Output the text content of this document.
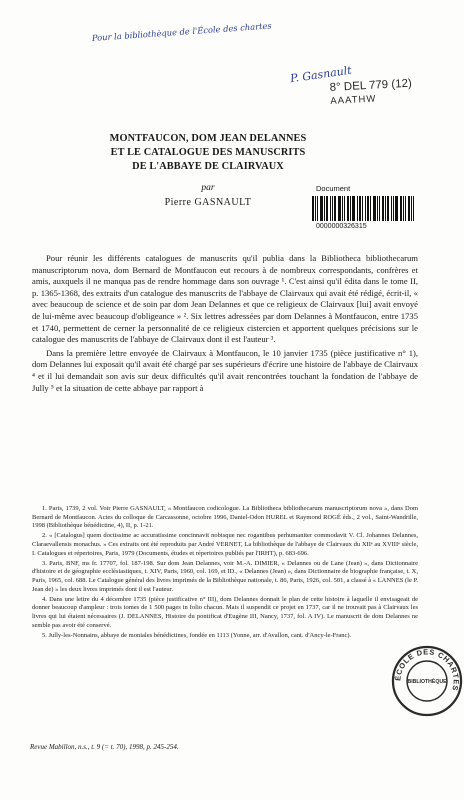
Pour la bibliothèque de l'École des chartes
P. Gasnault
8° DEL 779 (12)
AAATHW
MONTFAUCON, DOM JEAN DELANNES
ET LE CATALOGUE DES MANUSCRITS
DE L'ABBAYE DE CLAIRVAUX
par
Pierre GASNAULT
Document
0000000326315

Pour réunir les différents catalogues de manuscrits qu'il publia dans la Bibliotheca bibliothecarum manuscriptorum nova, dom Bernard de Montfaucon eut recours à de nombreux correspondants, confrères et amis, auxquels il ne manqua pas de rendre hommage dans son ouvrage ¹. C'est ainsi qu'il édita dans le tome II, p. 1365-1368, des extraits d'un catalogue des manuscrits de l'abbaye de Clairvaux qui avait été rédigé, écrit-il, « avec beaucoup de science et de soin par dom Jean Delannes et que ce religieux de Clairvaux [lui] avait envoyé de lui-même avec beaucoup d'obligeance » ². Six lettres adressées par dom Delannes à Montfaucon, entre 1735 et 1740, permettent de cerner la personnalité de ce religieux cistercien et apportent quelques précisions sur le catalogue des manuscrits de l'abbaye de Clairvaux dont il est l'auteur ³.

Dans la première lettre envoyée de Clairvaux à Montfaucon, le 10 janvier 1735 (pièce justificative n° 1), dom Delannes lui exposait qu'il avait été chargé par ses supérieurs d'écrire une histoire de l'abbaye de Clairvaux ⁴ et il lui demandait son avis sur deux difficultés qu'il avait rencontrées touchant la fondation de l'abbaye de Jully ⁵ et la situation de cette abbaye par rapport à

1. Paris, 1739, 2 vol. Voir Pierre GASNAULT, « Montfaucon codicologue. La Bibliotheca bibliothecarum manuscriptorum nova », dans Dom Bernard de Montfaucon. Actes du colloque de Carcassonne, octobre 1996, Daniel-Odon HUREL et Raymond ROGÉ éds., 2 vol., Saint-Wandrille, 1998 (Bibliothèque bénédictine, 4), II, p. 1-21.

2. « [Catalogus] quem doctissime ac accuratissime concinnavit nobisque nec rogantibus perhumaniter commodavit V. Cl. Johannes Delannes, Claraevallensis monachus. » Ces extraits ont été reproduits par André VERNET, La bibliothèque de l'abbaye de Clairvaux du XIIᵉ au XVIIIᵉ siècle, I. Catalogues et répertoires, Paris, 1979 (Documents, études et répertoires publiés par l'IRHT), p. 683-696.

3. Paris, BNF, ms fr. 17707, fol. 187-198. Sur dom Jean Delannes, voir M.-A. DIMIER, « Delannes ou de Lane (Jean) », dans Dictionnaire d'histoire et de géographie ecclésiastiques, t. XIV, Paris, 1960, col. 169, et ID., « Delannes (Jean) », dans Dictionnaire de biographie française, t. X, Paris, 1965, col. 688. Le Catalogue général des livres imprimés de la Bibliothèque nationale, t. 86, Paris, 1926, col. 501, a classé à « LANNES (le P. Jean de) » les deux livres imprimés dont il est l'auteur.

4. Dans une lettre du 4 décembre 1735 (pièce justificative n° III), dom Delannes donnait le plan de cette histoire à laquelle il envisageait de donner beaucoup d'ampleur : trois tomes de 1 500 pages in folio chacun. Mais il suspendit ce projet en 1737, car il ne trouvait pas à Clairvaux les livres qui lui étaient nécessaires (J. DELANNES, Histoire du pontificat d'Eugène III, Nancy, 1737, fol. A IV). Le manuscrit de dom Delannes ne semble pas avoir été conservé.

5. Jully-les-Nonnains, abbaye de moniales bénédictines, fondée en 1113 (Yonne, arr. d'Avallon, cant. d'Ancy-le-Franc).

Revue Mabillon, n.s., t. 9 (= t. 70), 1998, p. 245-254.
ÉCOLE DES CHARTES
BIBLIOTHÈQUE
